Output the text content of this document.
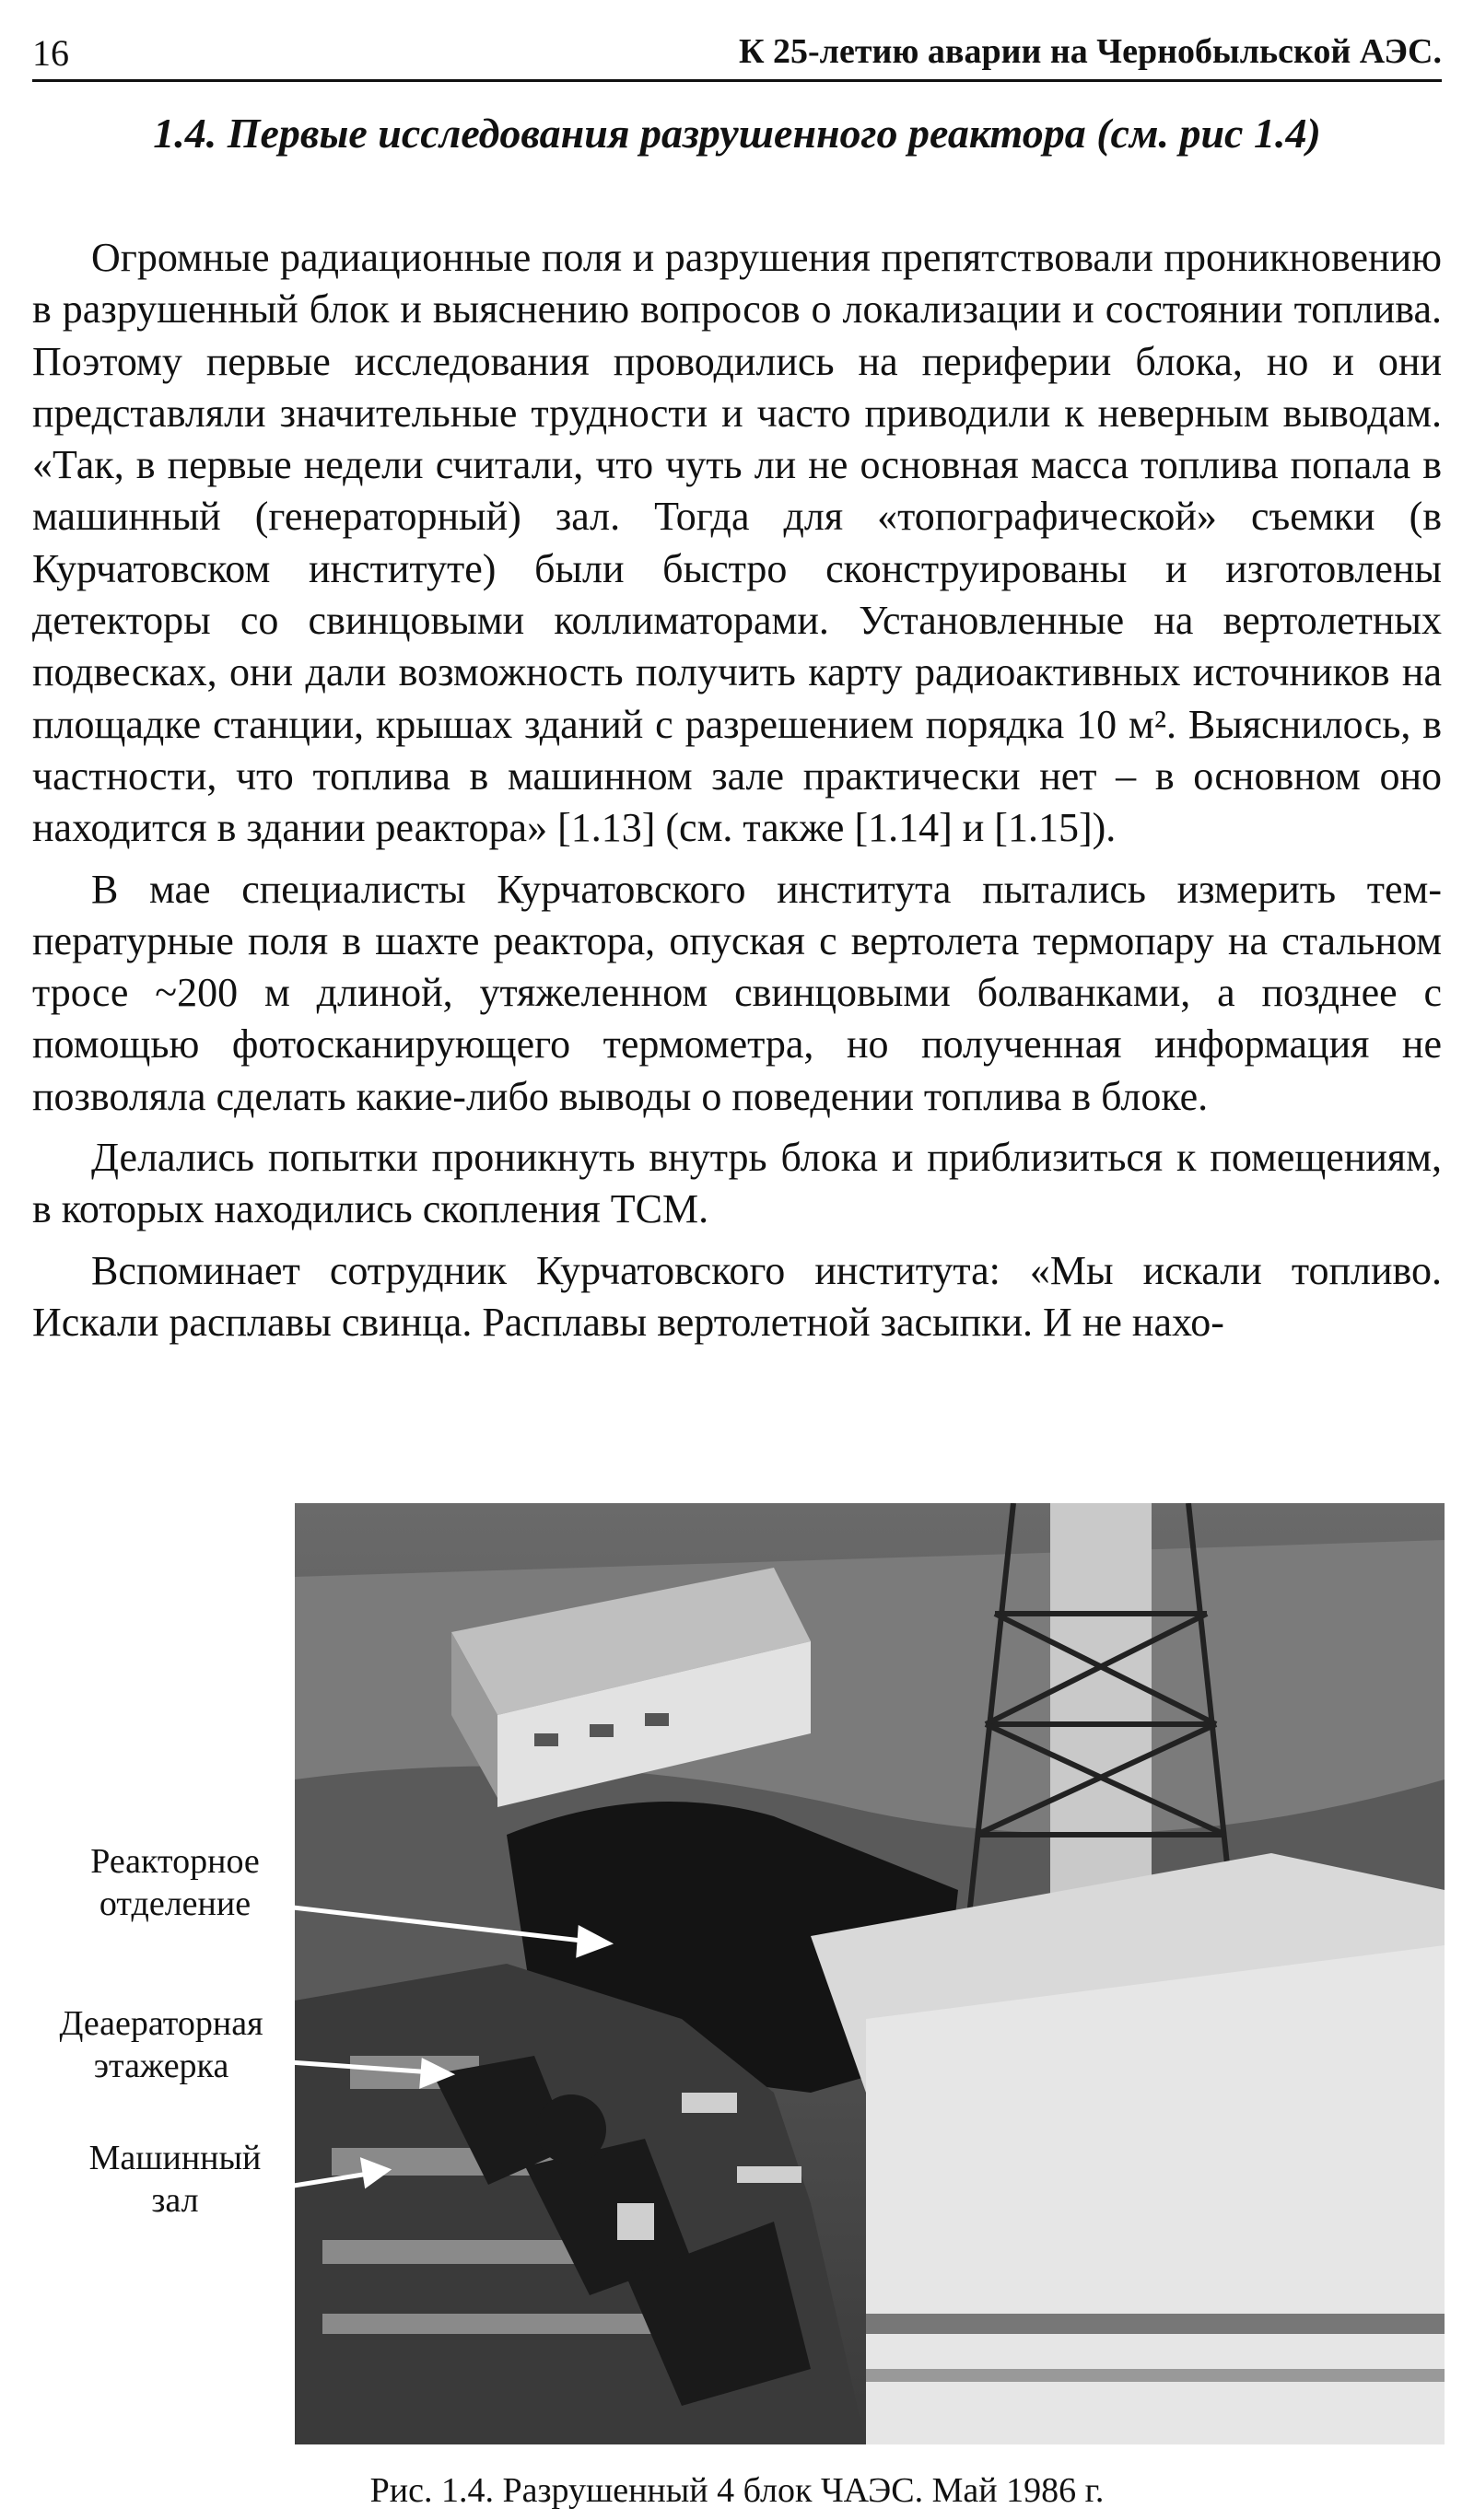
16	К 25-летию аварии на Чернобыльской АЭС.
1.4. Первые исследования разрушенного реактора (см. рис 1.4)

Огромные радиационные поля и разрушения препятствовали проникновению в разрушенный блок и выяснению вопросов о локализации и состоянии топлива. Поэтому первые исследования проводились на периферии блока, но и они представляли значительные трудности и часто приводили к неверным выводам. «Так, в первые недели считали, что чуть ли не основная масса топлива попала в машинный (генераторный) зал. Тогда для «топографической» съемки (в Курчатовском институте) были быстро сконструированы и изготовлены детекторы со свинцовыми коллиматорами. Установленные на вертолетных подвесках, они дали возможность получить карту радиоактивных источников на площадке станции, крышах зданий с разрешением порядка 10 м². Выяснилось, в частности, что топлива в машинном зале практически нет – в основном оно находится в здании реактора» [1.13] (см. также [1.14] и [1.15]).

В мае специалисты Курчатовского института пытались измерить температурные поля в шахте реактора, опуская с вертолета термопару на стальном тросе ~200 м длиной, утяжеленном свинцовыми болванками, а позднее с помощью фотосканирующего термометра, но полученная информация не позволяла сделать какие-либо выводы о поведении топлива в блоке.

Делались попытки проникнуть внутрь блока и приблизиться к помещениям, в которых находились скопления ТСМ.

Вспоминает сотрудник Курчатовского института: «Мы искали топливо. Искали расплавы свинца. Расплавы вертолетной засыпки. И не нахо-

Реакторное отделение
Деаераторная этажерка
Машинный зал
Рис. 1.4. Разрушенный 4 блок ЧАЭС. Май 1986 г.
